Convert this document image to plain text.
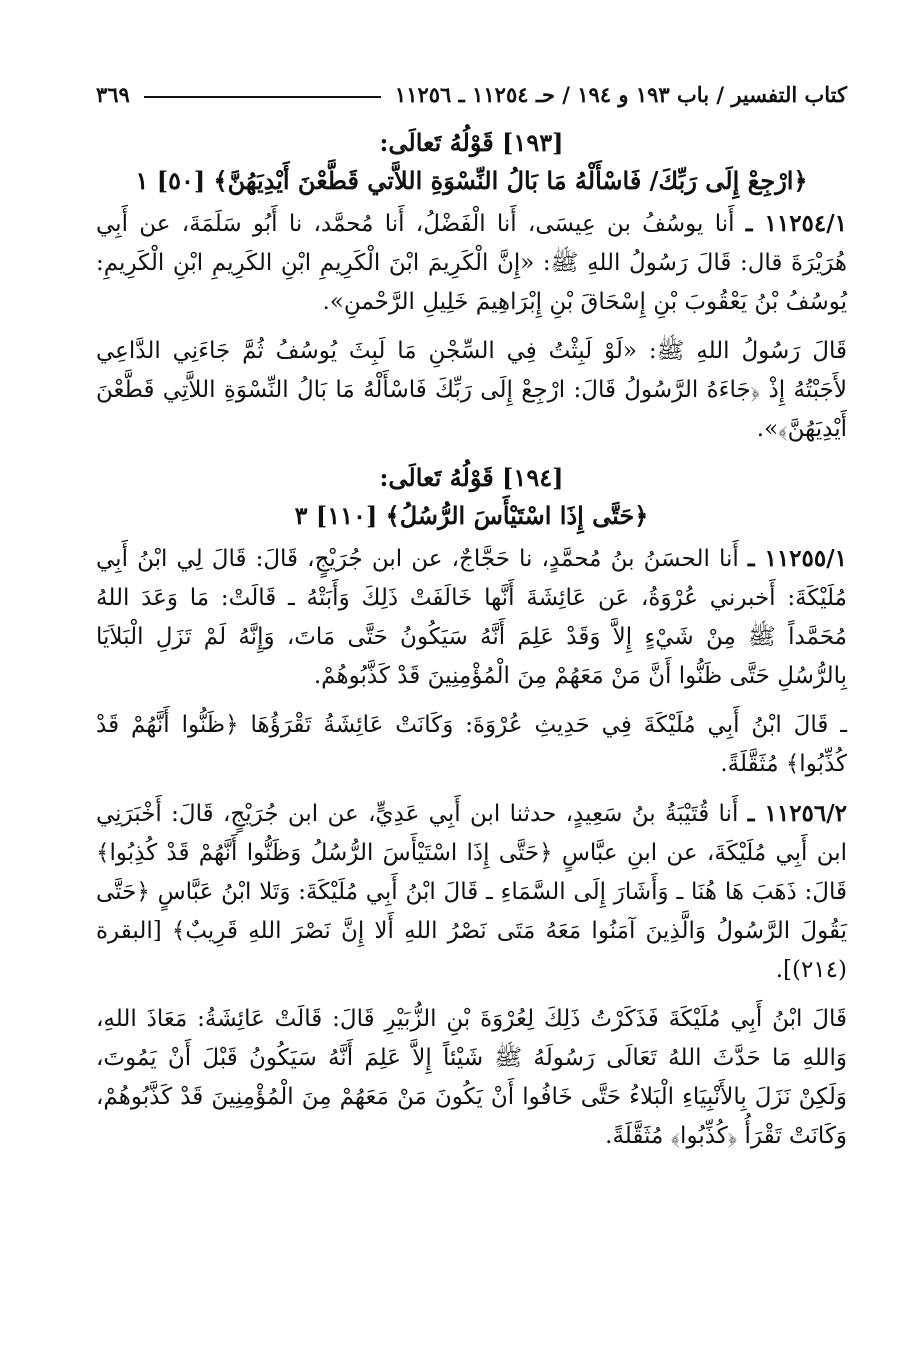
كتاب التفسير / باب ١٩٣ و ١٩٤ / حـ ١١٢٥٤ ـ ١١٢٥٦
٣٦٩
[١٩٣] قَوْلُهُ تَعالَى:
﴿ارْجِعْ إِلَى رَبِّكَ/ فَاسْأَلْهُ مَا بَالُ النِّسْوَةِ اللاَّتي قَطَّعْنَ أَيْدِيَهُنَّ﴾ [٥٠] ١

١١٢٥٤/١ ـ أَنا يوسُفُ بن عِيسَى، أَنا الْفَضْلُ، أَنا مُحمَّد، نا أَبُو سَلَمَةَ، عن أَبِي هُرَيْرَةَ قال: قَالَ رَسُولُ اللهِ ﷺ: «إِنَّ الْكَرِيمَ ابْنَ الْكَرِيمِ ابْنِ الكَرِيمِ ابْنِ الْكَرِيمِ: يُوسُفُ بْنُ يَعْقُوبَ بْنِ إِسْحَاقَ بْنِ إِبْرَاهِيمَ خَلِيلِ الرَّحْمنِ».

قَالَ رَسُولُ اللهِ ﷺ: «لَوْ لَبِثْتُ فِي السِّجْنِ مَا لَبِثَ يُوسُفُ ثُمَّ جَاءَنِي الدَّاعِي لأَجَبْتُهُ إِذْ ﴿جَاءَهُ الرَّسُولُ قَالَ: ارْجِعْ إِلَى رَبِّكَ فَاسْأَلْهُ مَا بَالُ النِّسْوَةِ اللاَّتِي قَطَّعْنَ أَيْدِيَهُنَّ﴾».

[١٩٤] قَوْلُهُ تَعالَى:
﴿حَتَّى إِذَا اسْتَيْأَسَ الرُّسُلُ﴾ [١١٠] ٣

١١٢٥٥/١ ـ أَنا الحسَنُ بنُ مُحمَّدٍ، نا حَجَّاجٌ، عن ابن جُرَيْجٍ، قَالَ: قَالَ لِي ابْنُ أَبِي مُلَيْكَةَ: أَخبرني عُرْوَةُ، عَن عَائِشَةَ أَنَّها خَالَفَتْ ذَلِكَ وَأَبَتْهُ ـ قَالَتْ: مَا وَعَدَ اللهُ مُحَمَّداً ﷺ مِنْ شَيْءٍ إِلاَّ وَقَدْ عَلِمَ أَنَّهُ سَيَكُونُ حَتَّى مَاتَ، وَإِنَّهُ لَمْ تَزَلِ الْبَلاَيَا بِالرُّسُلِ حَتَّى ظَنُّوا أَنَّ مَنْ مَعَهُمْ مِنَ الْمُؤْمِنِينَ قَدْ كَذَّبُوهُمْ.

ـ قَالَ ابْنُ أَبِي مُلَيْكَةَ فِي حَدِيثِ عُرْوَةَ: وَكَانَتْ عَائِشَةُ تَقْرَؤُهَا ﴿ظَنُّوا أَنَّهُمْ قَدْ كُذِّبُوا﴾ مُثَقَّلَةً.

١١٢٥٦/٢ ـ أَنا قُتَيْبَةُ بنُ سَعِيدٍ، حدثنا ابن أَبِي عَدِيٍّ، عن ابن جُرَيْجٍ، قَالَ: أَخْبَرَنِي ابن أَبِي مُلَيْكَةَ، عن ابنِ عبَّاسٍ ﴿حَتَّى إِذَا اسْتَيْأَسَ الرُّسُلُ وَظَنُّوا أَنَّهُمْ قَدْ كُذِبُوا﴾ قَالَ: ذَهَبَ هَا هُنَا ـ وَأَشَارَ إِلَى السَّمَاءِ ـ قَالَ ابْنُ أَبِي مُلَيْكَةَ: وَتَلا ابْنُ عَبَّاسٍ ﴿حَتَّى يَقُولَ الرَّسُولُ وَالَّذِينَ آمَنُوا مَعَهُ مَتَى نَصْرُ اللهِ أَلا إِنَّ نَصْرَ اللهِ قَرِيبٌ﴾ [البقرة (٢١٤)].

قَالَ ابْنُ أَبِي مُلَيْكَةَ فَذَكَرْتُ ذَلِكَ لِعُرْوَةَ بْنِ الزُّبَيْرِ قَالَ: قَالَتْ عَائِشَةُ: مَعَاذَ اللهِ، وَاللهِ مَا حَدَّثَ اللهُ تَعَالَى رَسُولَهُ ﷺ شَيْئاً إِلاَّ عَلِمَ أَنَّهُ سَيَكُونُ قَبْلَ أَنْ يَمُوتَ، وَلَكِنْ نَزَلَ بِالأَنْبِيَاءِ الْبَلاءُ حَتَّى خَافُوا أَنْ يَكُونَ مَنْ مَعَهُمْ مِنَ الْمُؤْمِنِينَ قَدْ كَذَّبُوهُمْ، وَكَانَتْ تَقْرَأُ ﴿كُذِّبُوا﴾ مُثَقَّلَةً.
